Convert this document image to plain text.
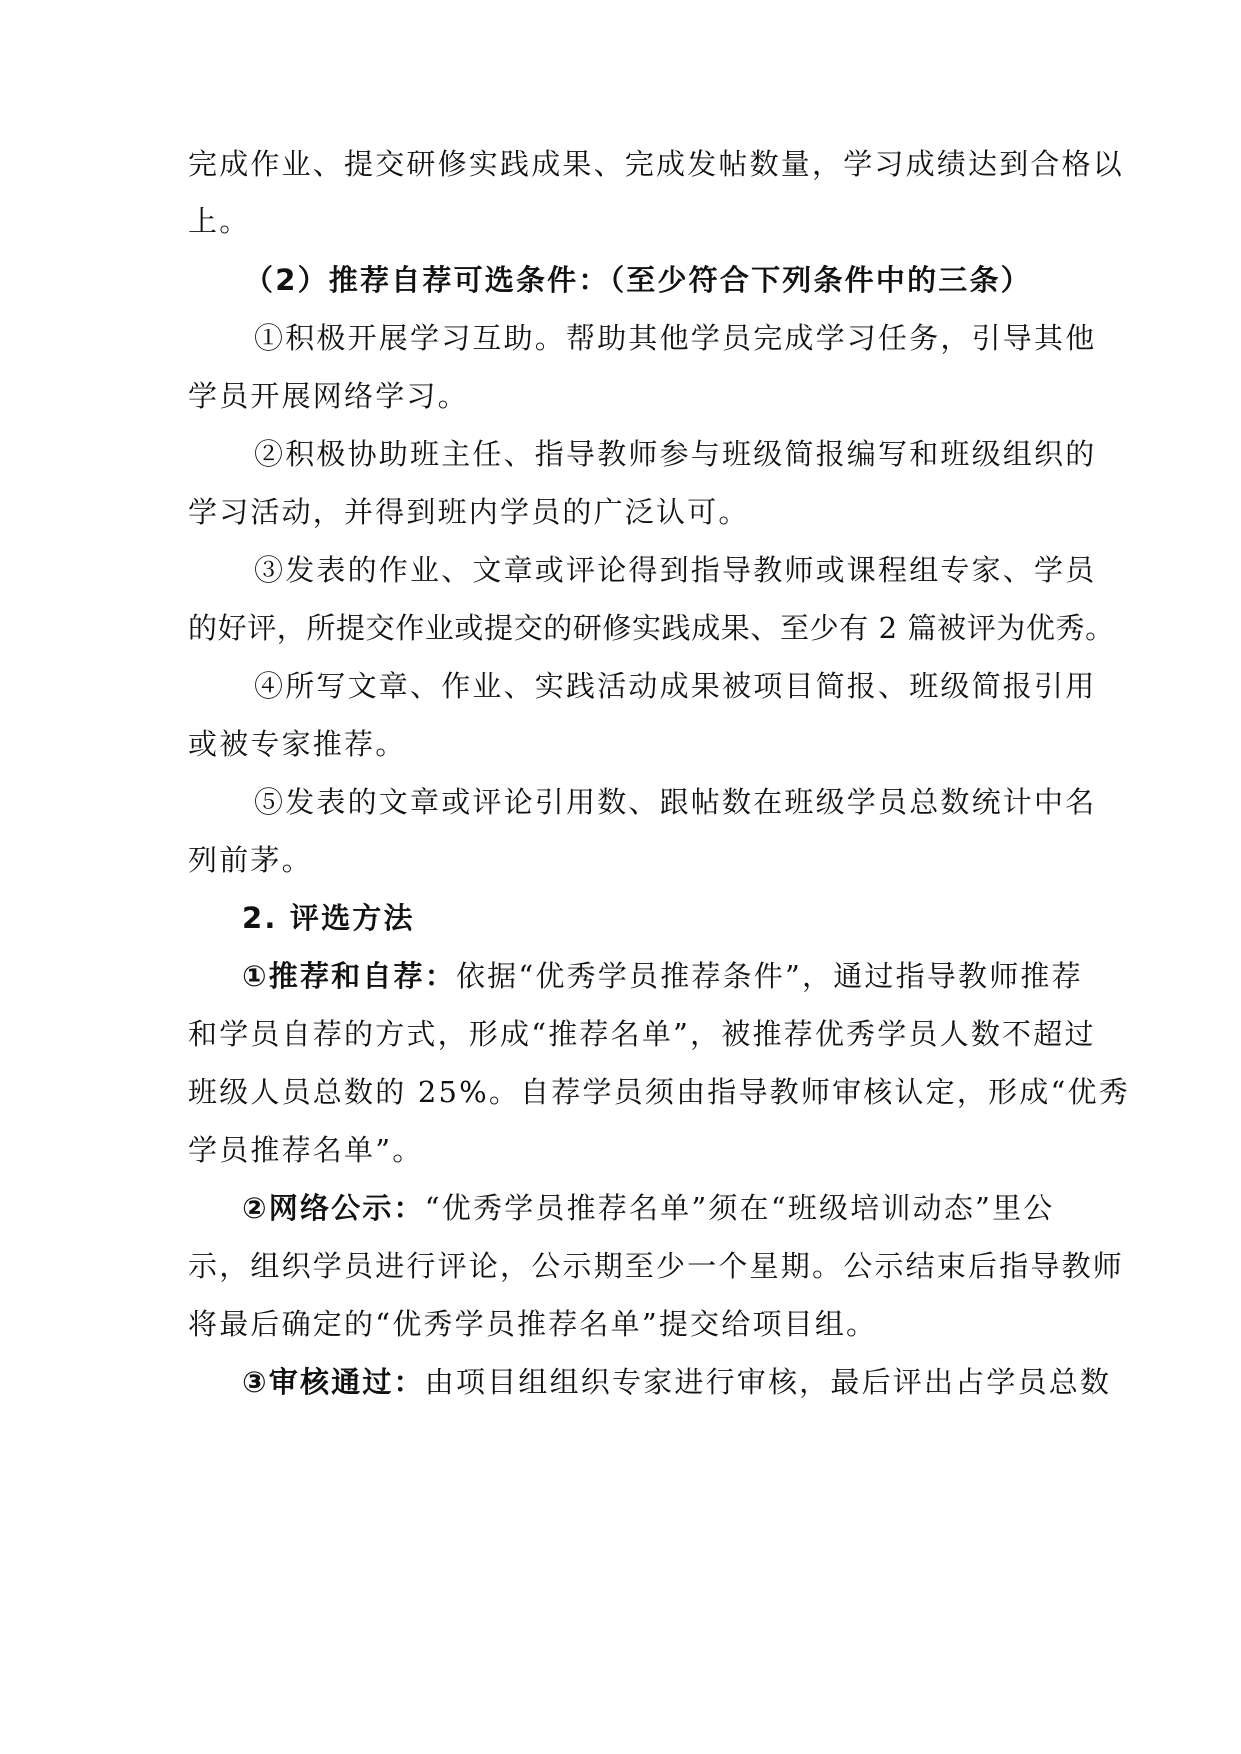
完成作业、提交研修实践成果、完成发帖数量，学习成绩达到合格以
上。
（2）推荐自荐可选条件：（至少符合下列条件中的三条）
①积极开展学习互助。帮助其他学员完成学习任务，引导其他
学员开展网络学习。
②积极协助班主任、指导教师参与班级简报编写和班级组织的
学习活动，并得到班内学员的广泛认可。
③发表的作业、文章或评论得到指导教师或课程组专家、学员
的好评，所提交作业或提交的研修实践成果、至少有 2 篇被评为优秀。
④所写文章、作业、实践活动成果被项目简报、班级简报引用
或被专家推荐。
⑤发表的文章或评论引用数、跟帖数在班级学员总数统计中名
列前茅。
2. 评选方法
①推荐和自荐：依据“优秀学员推荐条件”，通过指导教师推荐
和学员自荐的方式，形成“推荐名单”，被推荐优秀学员人数不超过
班级人员总数的 25%。自荐学员须由指导教师审核认定，形成“优秀
学员推荐名单”。
②网络公示：“优秀学员推荐名单”须在“班级培训动态”里公
示，组织学员进行评论，公示期至少一个星期。公示结束后指导教师
将最后确定的“优秀学员推荐名单”提交给项目组。
③审核通过：由项目组组织专家进行审核，最后评出占学员总数
